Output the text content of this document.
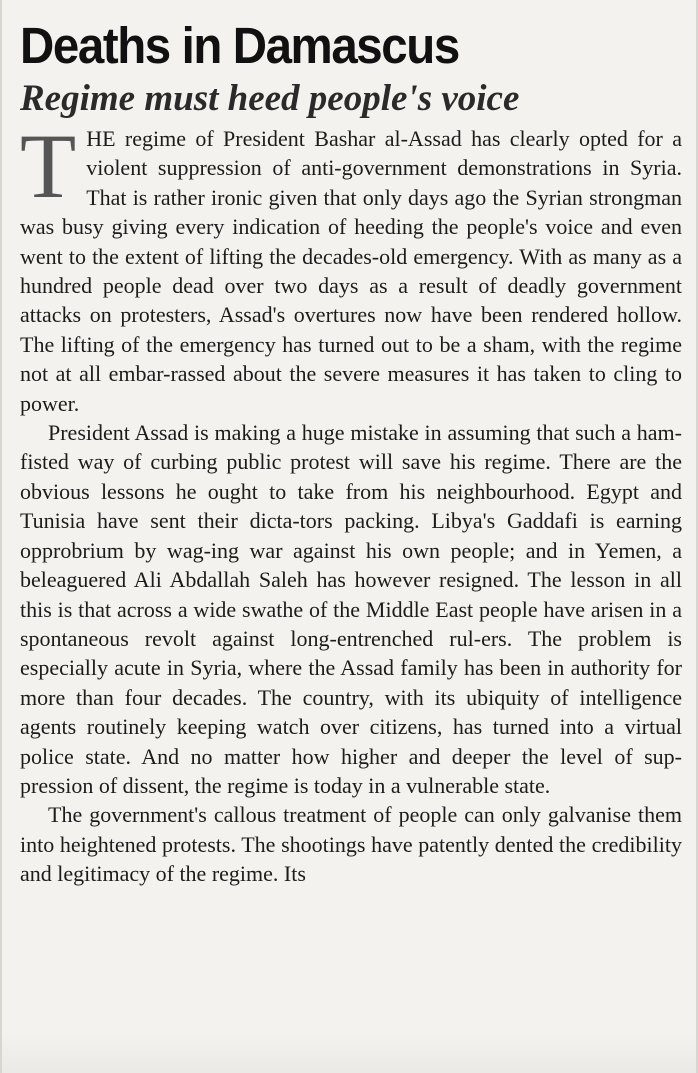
Deaths in Damascus
Regime must heed people's voice

THE regime of President Bashar al-Assad has clearly opted for a violent suppression of anti-government demonstrations in Syria. That is rather ironic given that only days ago the Syrian strongman was busy giving every indication of heeding the people's voice and even went to the extent of lifting the decades-old emergency. With as many as a hundred people dead over two days as a result of deadly government attacks on protesters, Assad's overtures now have been rendered hollow. The lifting of the emergency has turned out to be a sham, with the regime not at all embar-rassed about the severe measures it has taken to cling to power.

President Assad is making a huge mistake in assuming that such a ham-fisted way of curbing public protest will save his regime. There are the obvious lessons he ought to take from his neighbourhood. Egypt and Tunisia have sent their dicta-tors packing. Libya's Gaddafi is earning opprobrium by wag-ing war against his own people; and in Yemen, a beleaguered Ali Abdallah Saleh has however resigned. The lesson in all this is that across a wide swathe of the Middle East people have arisen in a spontaneous revolt against long-entrenched rul-ers. The problem is especially acute in Syria, where the Assad family has been in authority for more than four decades. The country, with its ubiquity of intelligence agents routinely keeping watch over citizens, has turned into a virtual police state. And no matter how higher and deeper the level of sup-pression of dissent, the regime is today in a vulnerable state.

The government's callous treatment of people can only galvanise them into heightened protests. The shootings have patently dented the credibility and legitimacy of the regime. Its
